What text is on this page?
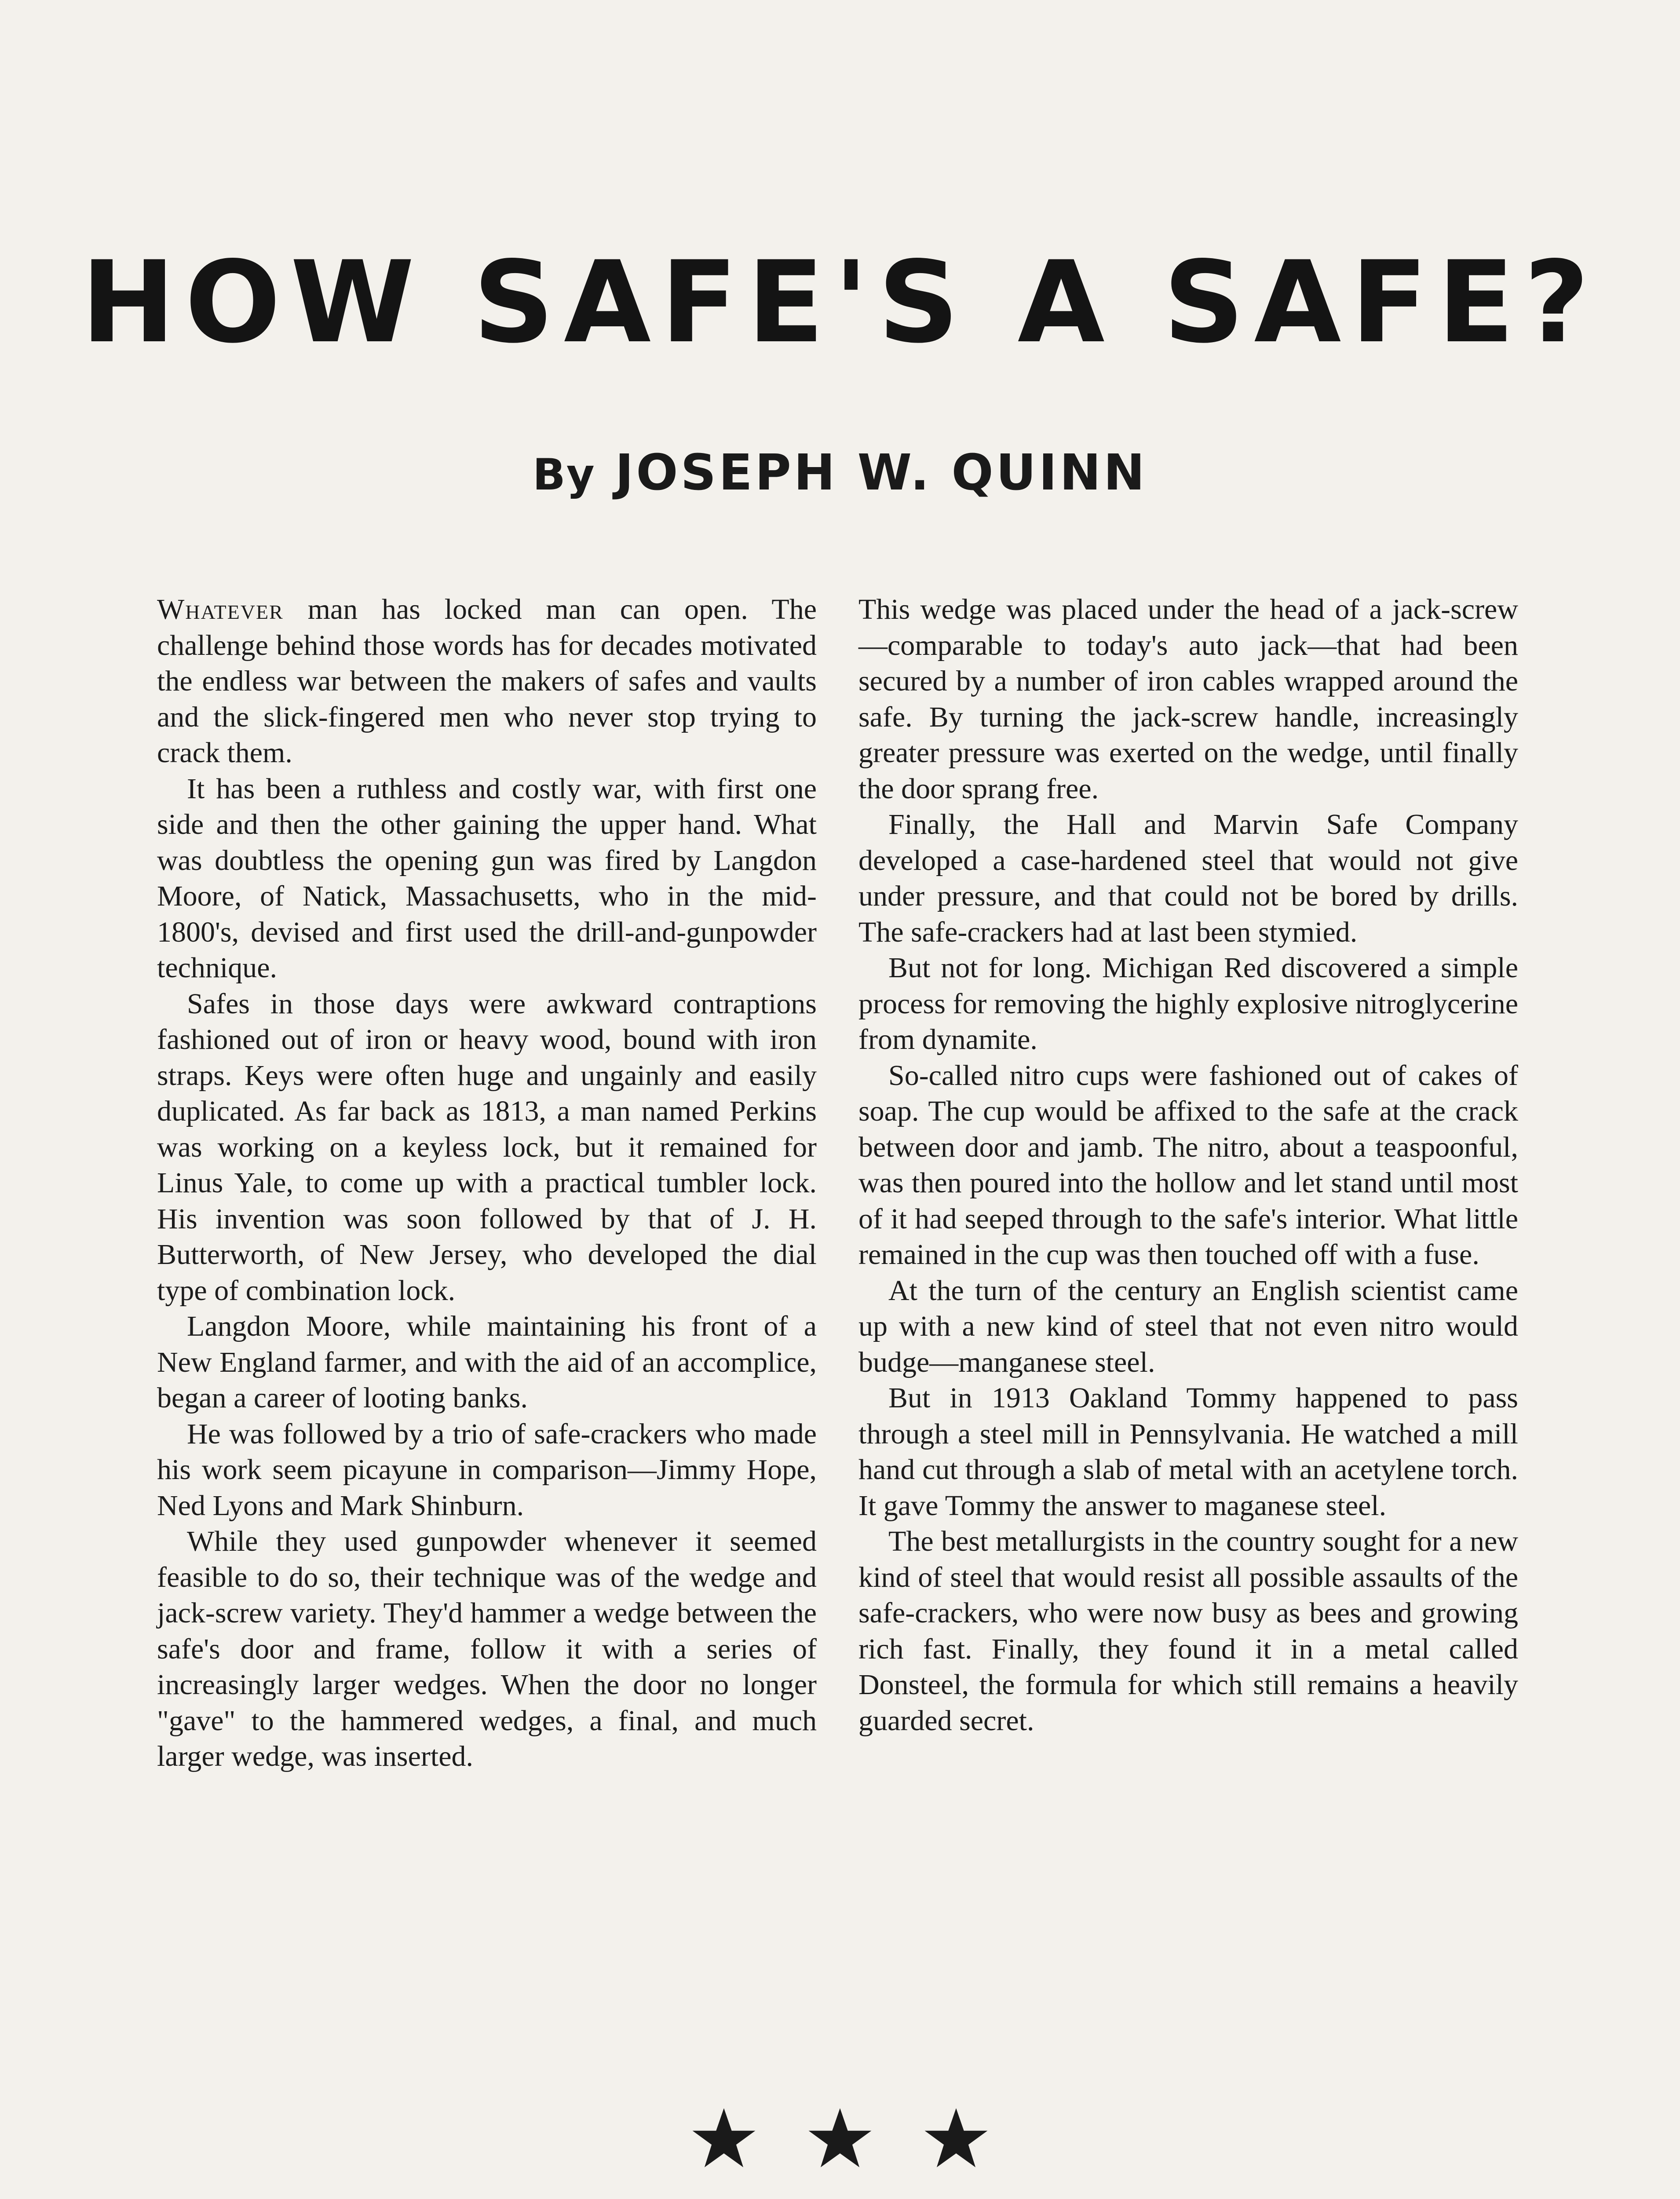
HOW SAFE'S A SAFE?
By JOSEPH W. QUINN

Whatever man has locked man can open. The challenge behind those words has for decades motivated the endless war between the makers of safes and vaults and the slick-fingered men who never stop trying to crack them.

It has been a ruthless and costly war, with first one side and then the other gaining the upper hand. What was doubtless the opening gun was fired by Langdon Moore, of Natick, Massachusetts, who in the mid-1800's, devised and first used the drill-and-gunpowder technique.

Safes in those days were awkward contraptions fashioned out of iron or heavy wood, bound with iron straps. Keys were often huge and ungainly and easily duplicated. As far back as 1813, a man named Perkins was working on a keyless lock, but it remained for Linus Yale, to come up with a practical tumbler lock. His invention was soon followed by that of J. H. Butterworth, of New Jersey, who developed the dial type of combination lock.

Langdon Moore, while maintaining his front of a New England farmer, and with the aid of an accomplice, began a career of looting banks.

He was followed by a trio of safe-crackers who made his work seem picayune in comparison—Jimmy Hope, Ned Lyons and Mark Shinburn.

While they used gunpowder whenever it seemed feasible to do so, their technique was of the wedge and jack-screw variety. They'd hammer a wedge between the safe's door and frame, follow it with a series of increasingly larger wedges. When the door no longer "gave" to the hammered wedges, a final, and much larger wedge, was inserted.

This wedge was placed under the head of a jack-screw—comparable to today's auto jack—that had been secured by a number of iron cables wrapped around the safe. By turning the jack-screw handle, increasingly greater pressure was exerted on the wedge, until finally the door sprang free.

Finally, the Hall and Marvin Safe Company developed a case-hardened steel that would not give under pressure, and that could not be bored by drills. The safe-crackers had at last been stymied.

But not for long. Michigan Red discovered a simple process for removing the highly explosive nitroglycerine from dynamite.

So-called nitro cups were fashioned out of cakes of soap. The cup would be affixed to the safe at the crack between door and jamb. The nitro, about a teaspoonful, was then poured into the hollow and let stand until most of it had seeped through to the safe's interior. What little remained in the cup was then touched off with a fuse.

At the turn of the century an English scientist came up with a new kind of steel that not even nitro would budge—manganese steel.

But in 1913 Oakland Tommy happened to pass through a steel mill in Pennsylvania. He watched a mill hand cut through a slab of metal with an acetylene torch. It gave Tommy the answer to maganese steel.

The best metallurgists in the country sought for a new kind of steel that would resist all possible assaults of the safe-crackers, who were now busy as bees and growing rich fast. Finally, they found it in a metal called Donsteel, the formula for which still remains a heavily guarded secret.
